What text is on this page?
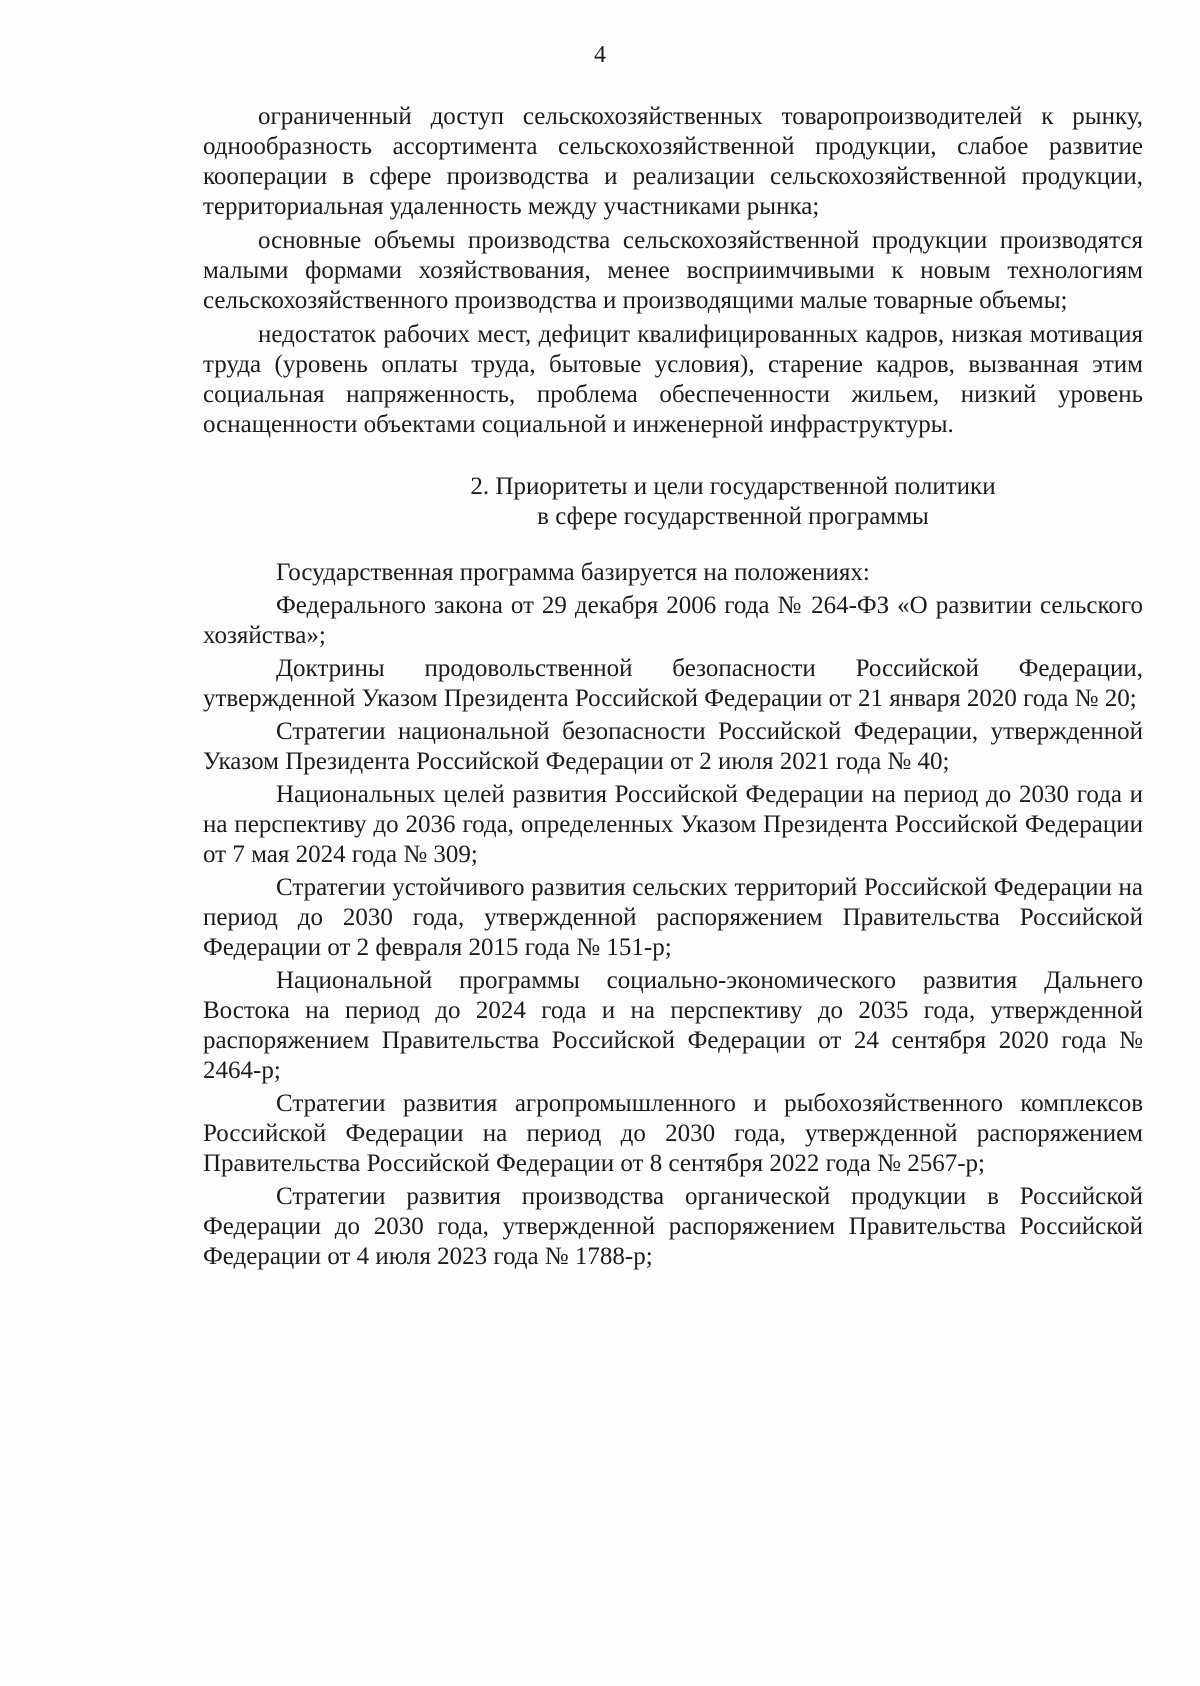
4

ограниченный доступ сельскохозяйственных товаропроизводителей к рынку, однообразность ассортимента сельскохозяйственной продукции, слабое развитие кооперации в сфере производства и реализации сельскохозяйственной продукции, территориальная удаленность между участниками рынка;

основные объемы производства сельскохозяйственной продукции производятся малыми формами хозяйствования, менее восприимчивыми к новым технологиям сельскохозяйственного производства и производящими малые товарные объемы;

недостаток рабочих мест, дефицит квалифицированных кадров, низкая мотивация труда (уровень оплаты труда, бытовые условия), старение кадров, вызванная этим социальная напряженность, проблема обеспеченности жильем, низкий уровень оснащенности объектами социальной и инженерной инфраструктуры.

2. Приоритеты и цели государственной политики
в сфере государственной программы

Государственная программа базируется на положениях:

Федерального закона от 29 декабря 2006 года № 264-ФЗ «О развитии сельского хозяйства»;

Доктрины продовольственной безопасности Российской Федерации, утвержденной Указом Президента Российской Федерации от 21 января 2020 года № 20;

Стратегии национальной безопасности Российской Федерации, утвержденной Указом Президента Российской Федерации от 2 июля 2021 года № 40;

Национальных целей развития Российской Федерации на период до 2030 года и на перспективу до 2036 года, определенных Указом Президента Российской Федерации от 7 мая 2024 года № 309;

Стратегии устойчивого развития сельских территорий Российской Федерации на период до 2030 года, утвержденной распоряжением Правительства Российской Федерации от 2 февраля 2015 года № 151-р;

Национальной программы социально-экономического развития Дальнего Востока на период до 2024 года и на перспективу до 2035 года, утвержденной распоряжением Правительства Российской Федерации от 24 сентября 2020 года № 2464-р;

Стратегии развития агропромышленного и рыбохозяйственного комплексов Российской Федерации на период до 2030 года, утвержденной распоряжением Правительства Российской Федерации от 8 сентября 2022 года № 2567-р;

Стратегии развития производства органической продукции в Российской Федерации до 2030 года, утвержденной распоряжением Правительства Российской Федерации от 4 июля 2023 года № 1788-р;
